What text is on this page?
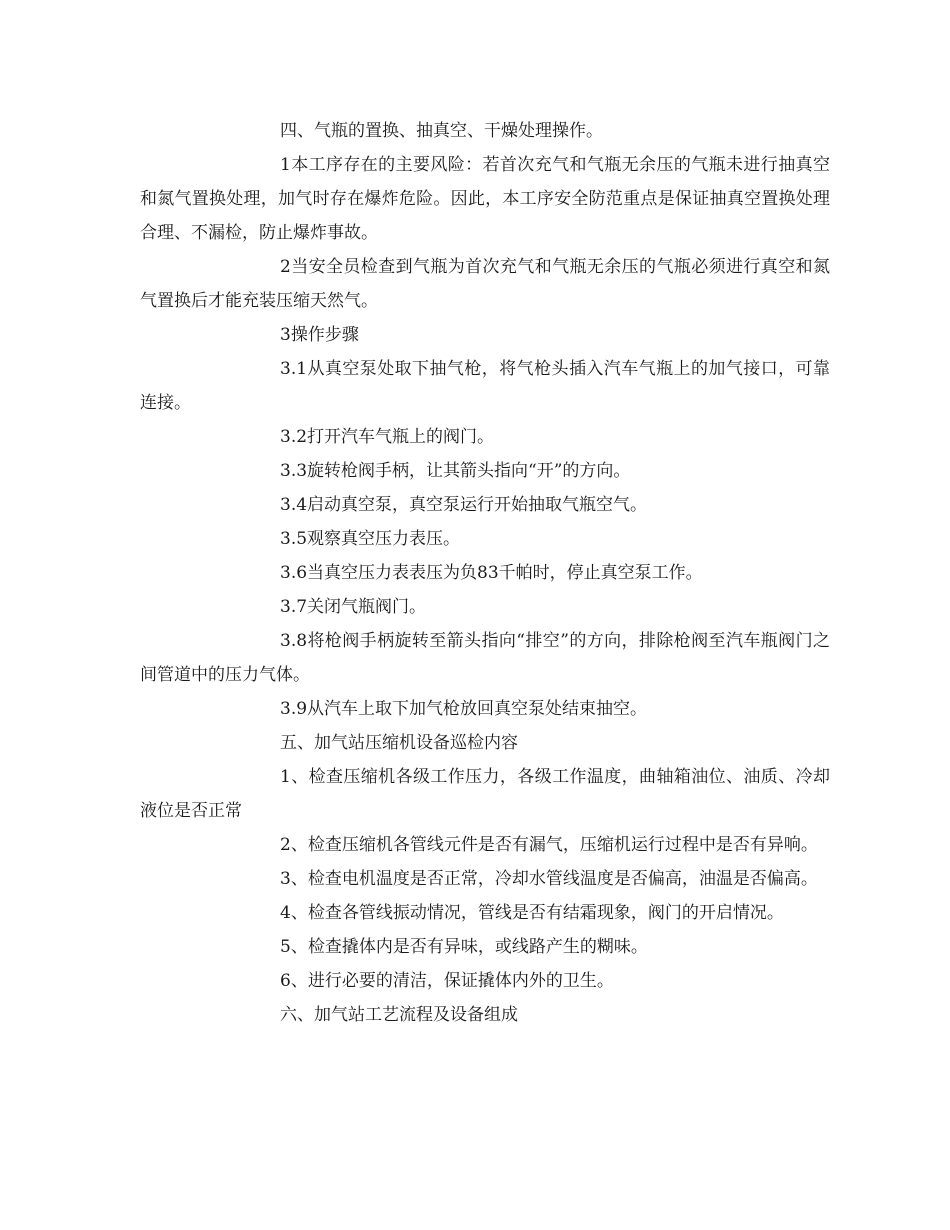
四、气瓶的置换、抽真空、干燥处理操作。

1本工序存在的主要风险：若首次充气和气瓶无余压的气瓶未进行抽真空和氮气置换处理，加气时存在爆炸危险。因此，本工序安全防范重点是保证抽真空置换处理合理、不漏检，防止爆炸事故。

2当安全员检查到气瓶为首次充气和气瓶无余压的气瓶必须进行真空和氮气置换后才能充装压缩天然气。

3操作步骤

3.1从真空泵处取下抽气枪，将气枪头插入汽车气瓶上的加气接口，可靠连接。

3.2打开汽车气瓶上的阀门。

3.3旋转枪阀手柄，让其箭头指向“开”的方向。

3.4启动真空泵，真空泵运行开始抽取气瓶空气。

3.5观察真空压力表压。

3.6当真空压力表表压为负83千帕时，停止真空泵工作。

3.7关闭气瓶阀门。

3.8将枪阀手柄旋转至箭头指向“排空”的方向，排除枪阀至汽车瓶阀门之间管道中的压力气体。

3.9从汽车上取下加气枪放回真空泵处结束抽空。

五、加气站压缩机设备巡检内容

1、检查压缩机各级工作压力，各级工作温度，曲轴箱油位、油质、冷却液位是否正常

2、检查压缩机各管线元件是否有漏气，压缩机运行过程中是否有异响。

3、检查电机温度是否正常，冷却水管线温度是否偏高，油温是否偏高。

4、检查各管线振动情况，管线是否有结霜现象，阀门的开启情况。

5、检查撬体内是否有异味，或线路产生的糊味。

6、进行必要的清洁，保证撬体内外的卫生。

六、加气站工艺流程及设备组成
